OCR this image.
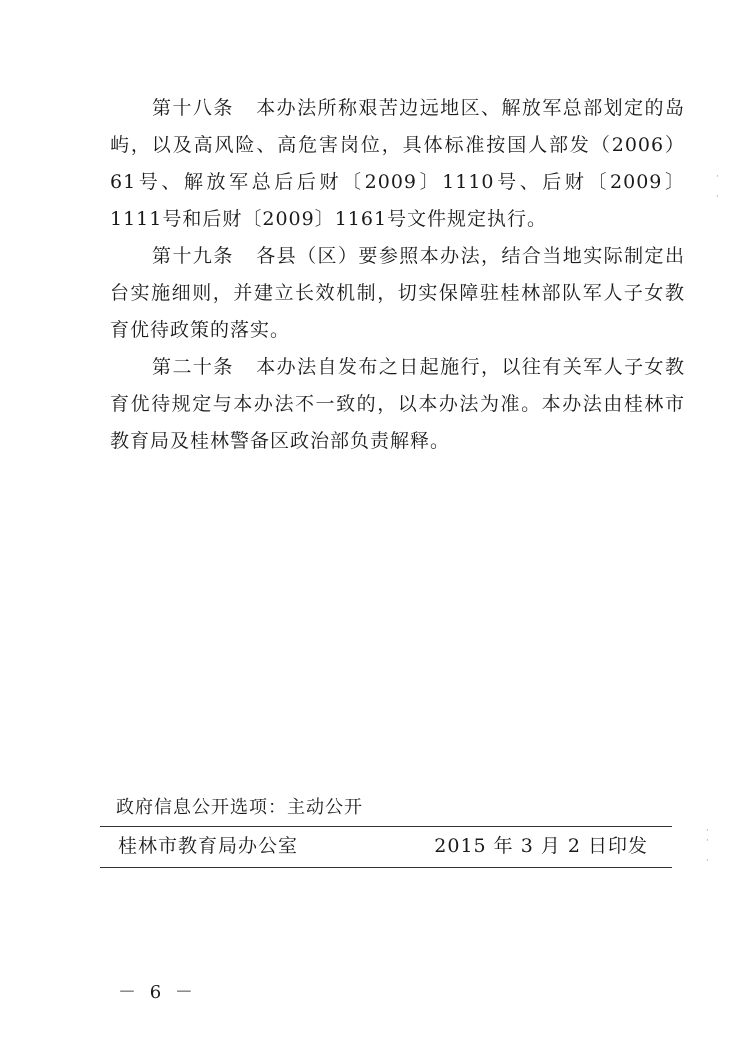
第十八条 本办法所称艰苦边远地区、解放军总部划定的岛屿，以及高风险、高危害岗位，具体标准按国人部发（2006）61号、解放军总后后财〔2009〕1110号、后财〔2009〕1111号和后财〔2009〕1161号文件规定执行。

第十九条 各县（区）要参照本办法，结合当地实际制定出台实施细则，并建立长效机制，切实保障驻桂林部队军人子女教育优待政策的落实。

第二十条 本办法自发布之日起施行，以往有关军人子女教育优待规定与本办法不一致的，以本办法为准。本办法由桂林市教育局及桂林警备区政治部负责解释。

政府信息公开选项：主动公开
桂林市教育局办公室	2015 年 3 月 2 日印发
－ 6 －
·

·
·
·

·
